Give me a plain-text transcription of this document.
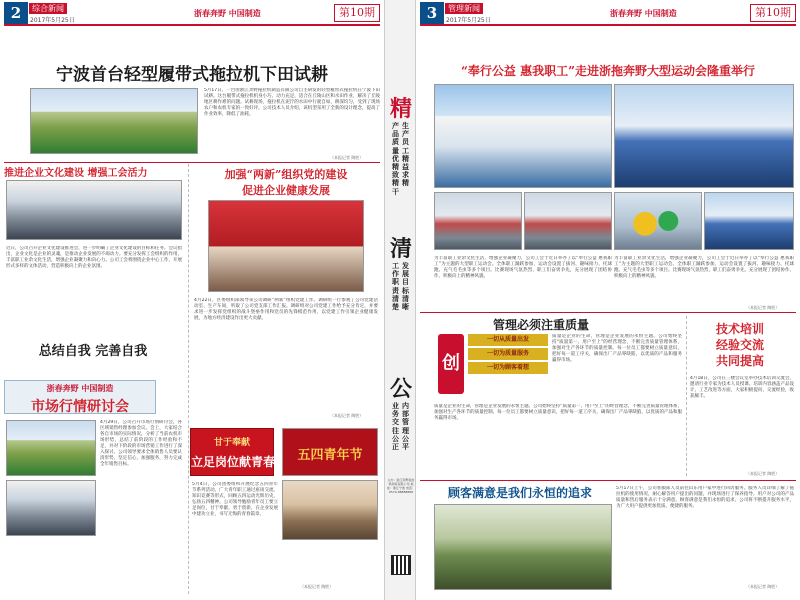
2	综合新闻
2017年5月25日
浙春奔野 中国制造	第10期
宁波首台轻型履带式拖拉机下田试耕
5月17日，一台由浙江奔野拖拉机制造有限公司自主研发的轻型履带式拖拉机在宁波下田试耕。这台履带式拖拉机机身小巧、动力充足，适合在丘陵山区和水田作业，解决了丘陵地区耕作难的问题。试耕现场，拖拉机在泥泞的水田中行驶自如，耕深均匀，受到了现场农户和农机专家的一致好评。公司技术人员介绍，该机型采用了全新的设计理念，提高了作业效率，降低了油耗。
（本报记者 陶胜）
推进企业文化建设 增强工会活力
近日，公司召开企业文化建设推进会，进一步明确了企业文化建设的目标和任务。会议指出，企业文化是企业的灵魂，是推动企业发展的不竭动力。要充分发挥工会组织的作用，丰富职工业余文化生活，增强企业凝聚力和向心力。公司工会将围绕企业中心工作，开展形式多样的文体活动，营造积极向上的企业氛围。
加强“两新”组织党的建设
促进企业健康发展
4月22日，区委组织部领导来公司调研“两新”组织党建工作。调研组一行参观了公司党建活动室、生产车间，听取了公司党支部工作汇报。调研组对公司党建工作给予充分肯定，并要求进一步发挥党组织的战斗堡垒作用和党员的先锋模范作用，以党建工作引领企业健康发展，为地方经济建设作出更大贡献。
（本报记者 陶胜）
总结自我 完善自我
浙春奔野 中国制造
市场行情研讨会
4月29日，公司召开市场行情研讨会，各区域销售经理参加会议。会上，大家结合各自市场的实际情况，分析了当前农机市场形势，总结了前阶段的工作经验和不足，并对下阶段的市场营销工作进行了深入探讨。公司领导要求全体销售人员要认清形势，坚定信心，加强服务，努力完成全年销售目标。
甘于奉献
立足岗位献青春	五四青年节
5月4日，公司团委组织开展纪念五四青年节系列活动。广大青年职工通过座谈交流、知识竞赛等形式，回顾五四运动光辉历史，弘扬五四精神。公司领导勉励青年员工要立足岗位，甘于奉献，勇于创新，在企业发展中建功立业，书写无悔的青春篇章。
（本报记者 陶胜）
精
生产员工精益求精
产品质量优精致精干
清
发展目标清晰
工作职责清楚
公
内部管理公平
业务交往公正
主办：浙江奔野拖拉机制造有限公司 地址：浙江宁波 电话：0574-88888888
3	管理新闻
2017年5月25日
浙春奔野 中国制造	第10期
“奉行公益 惠我职工”走进浙拖奔野大型运动会隆重举行
为丰富职工业余文化生活，增强企业凝聚力，公司工会于近日举办了以“奉行公益 惠我职工”为主题的大型职工运动会。全体职工踊跃参加，运动会设置了拔河、趣味接力、托球跑、充气毛毛虫等多个项目。比赛现场气氛热烈，职工们奋勇争先，充分展现了团结协作、积极向上的精神风貌。
为丰富职工业余文化生活，增强企业凝聚力，公司工会于近日举办了以“奉行公益 惠我职工”为主题的大型职工运动会。全体职工踊跃参加，运动会设置了拔河、趣味接力、托球跑、充气毛毛虫等多个项目。比赛现场气氛热烈，职工们奋勇争先，充分展现了团结协作、积极向上的精神风貌。
（本报记者 陶胜）
管理必须注重质量
创
一切从质量出发
一切为质量服务
一切为顾客着想
质量是企业的生命，管理是企业发展的永恒主题。公司始终坚持“质量第一、用户至上”的经营理念，不断完善质量管理体系，加强对生产各环节的质量控制。每一位员工都要树立质量意识，把好每一道工序关，确保出厂产品零缺陷，以优质的产品和服务赢得市场。
质量是企业的生命，管理是企业发展的永恒主题。公司始终坚持“质量第一、用户至上”的经营理念，不断完善质量管理体系，加强对生产各环节的质量控制。每一位员工都要树立质量意识，把好每一道工序关，确保出厂产品零缺陷，以优质的产品和服务赢得市场。
技术培训
经验交流
共同提高
4月18日，公司在三楼会议室举办技术培训交流会，邀请行业专家为技术人员授课。培训内容涵盖产品设计、工艺改进等方面，大家积极提问、交流经验，收获颇丰。
（本报记者 陶胜）
顾客满意是我们永恒的追求	5月17日上午，公司客服部人员前往山东用户家中进行回访服务。服务人员详细了解了拖拉机的使用情况，耐心解答用户提出的问题，并现场进行了保养指导。用户对公司的产品质量和售后服务表示十分满意。顾客满意是我们永恒的追求，公司将不断提升服务水平，为广大用户提供更加优质、便捷的服务。
（本报记者 陶胜）
